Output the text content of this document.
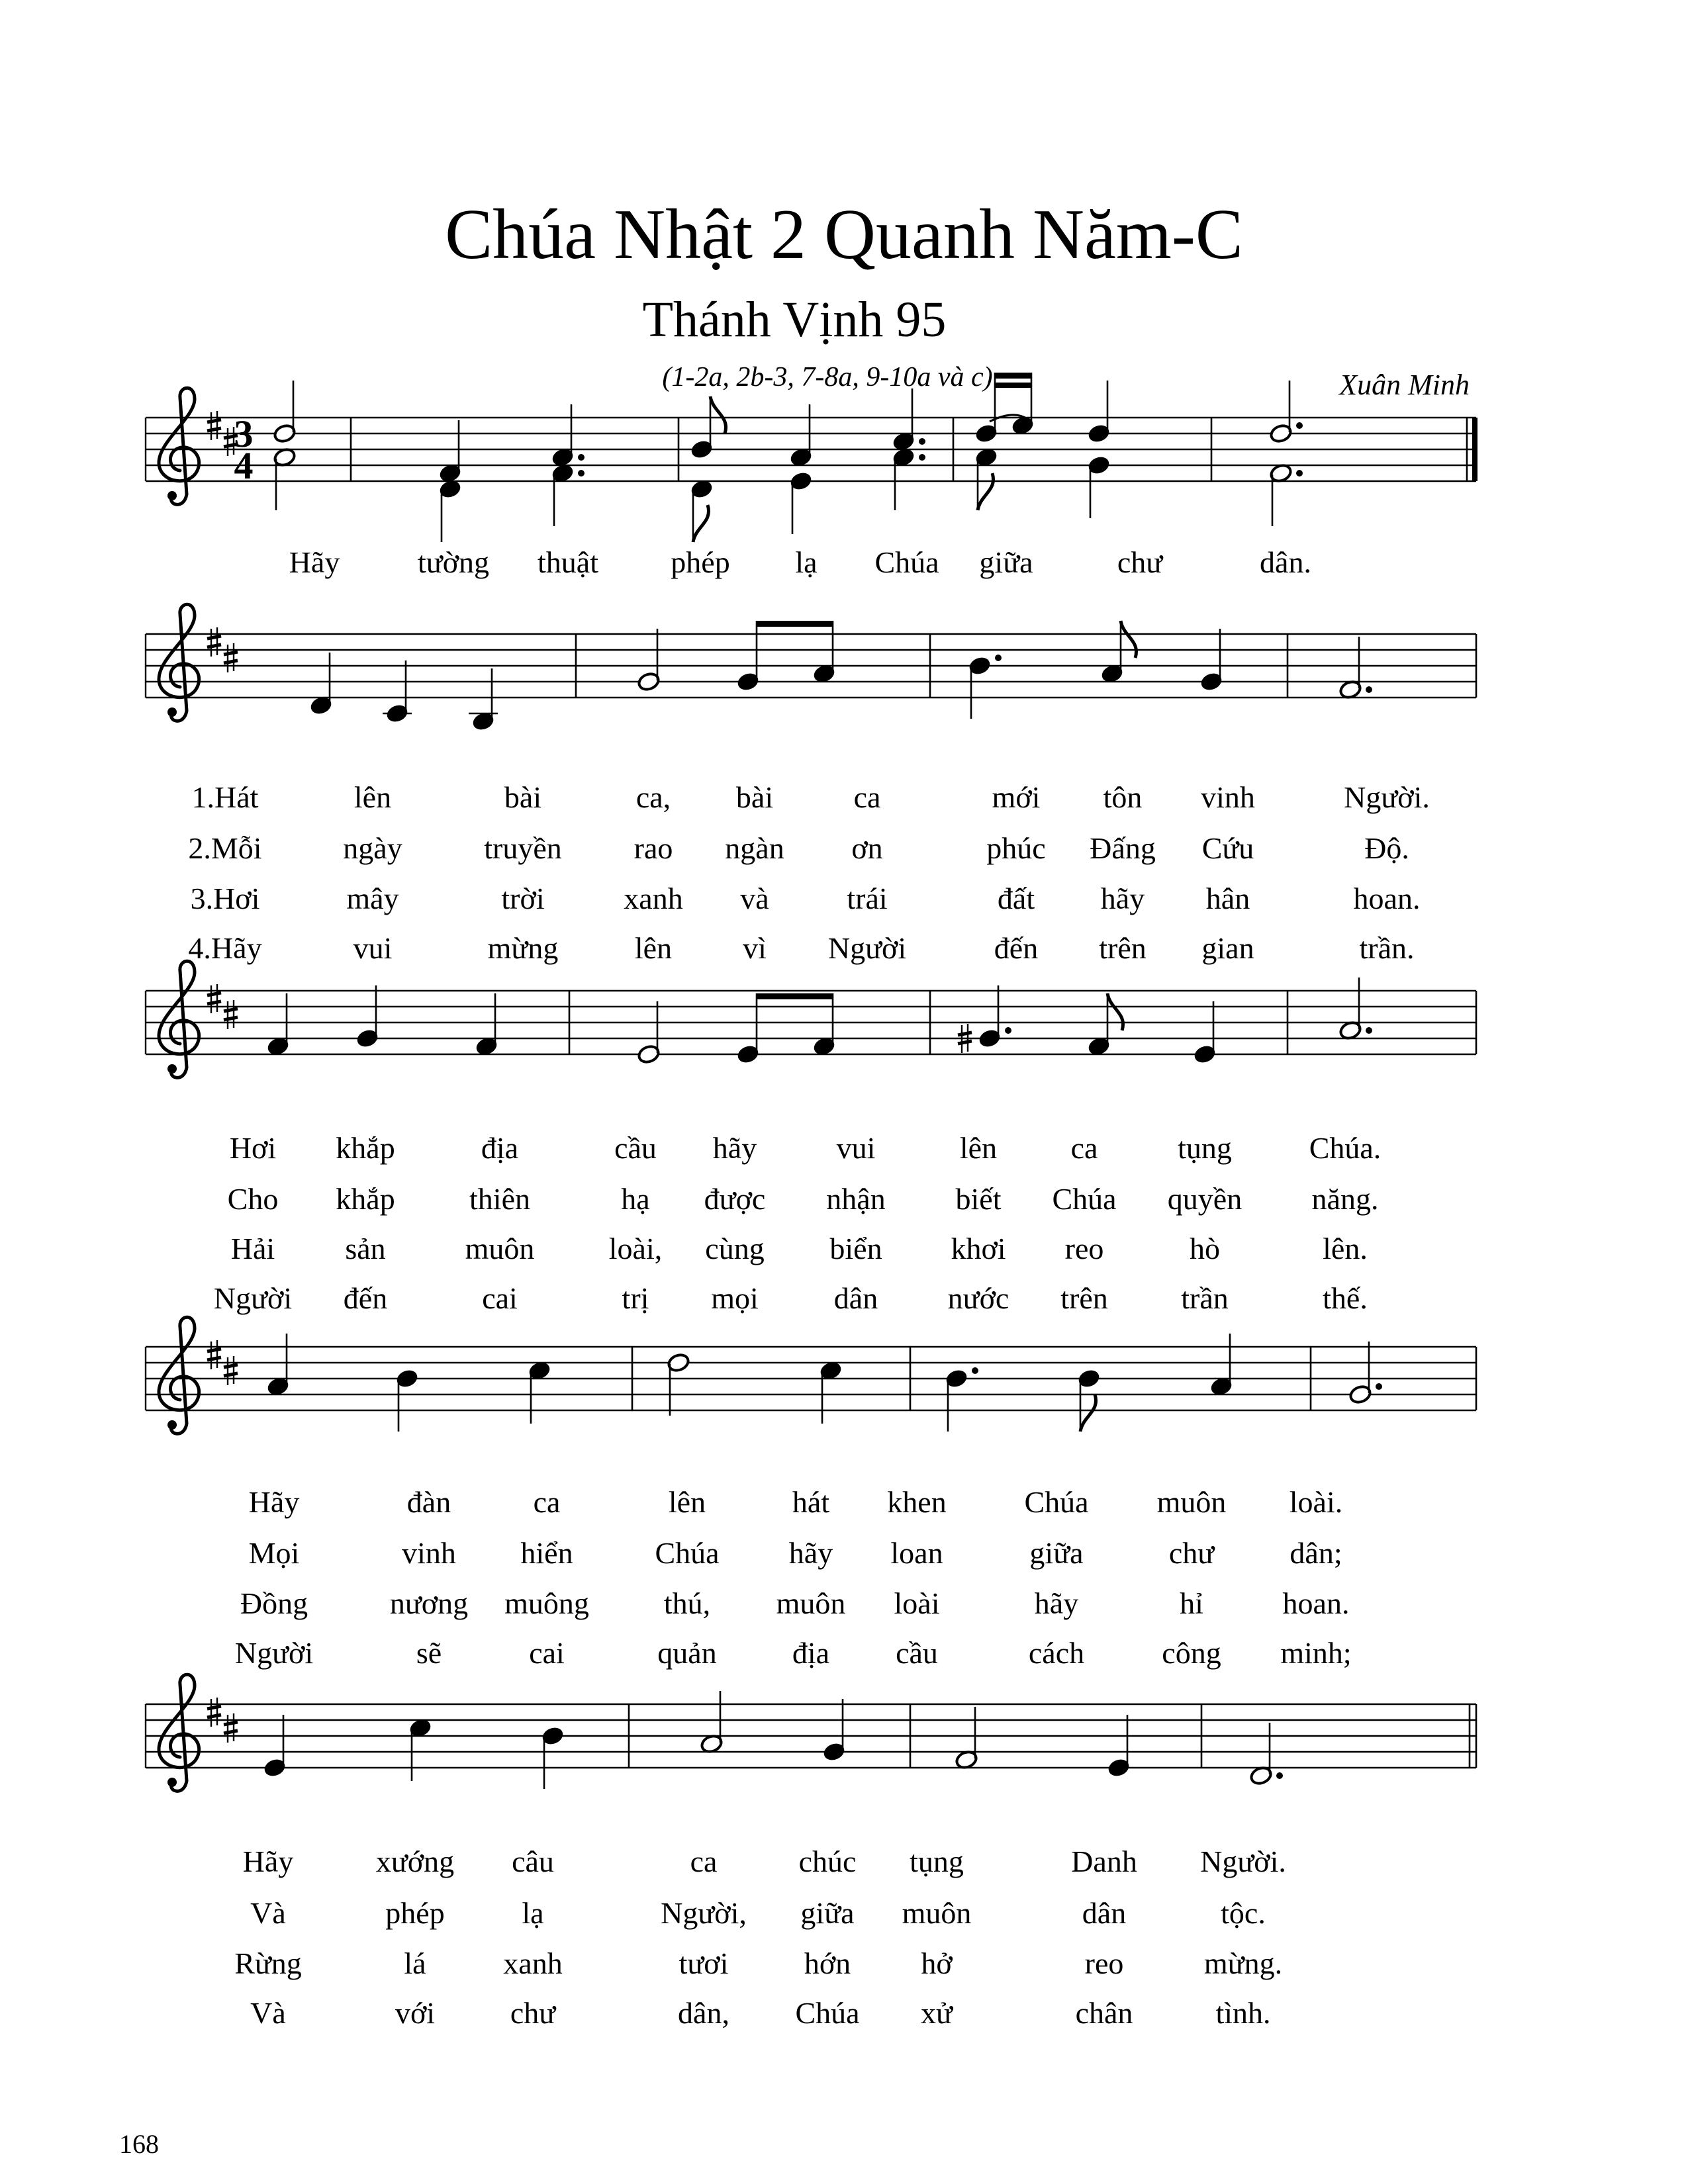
Chúa Nhật 2 Quanh Năm-C
Thánh Vịnh 95
(1-2a, 2b-3, 7-8a, 9-10a và c)	Xuân Minh
3
4
Hãy	tường thuật phép lạ Chúa giữa	chư	dân.
1.Hát	lên	bài	ca, bài	ca	mới tôn vinh	Người.
2.Mỗi	ngày	truyền rao ngàn ơn	phúc Đấng Cứu	Độ.
3.Hơi	mây	trời	xanh và	trái	đất hãy hân	hoan.
4.Hãy	vui	mừng	lên vì Người	đến trên gian	trần.
Hơi khắp	địa	cầu hãy	vui	lên ca	tụng	Chúa.
Cho khắp thiên	hạ được nhận biết Chúa quyền năng.
Hải sản	muôn loài, cùng biển khơi reo	hò	lên.
Người đến	cai	trị mọi dân nước trên trần	thế.
Hãy	đàn	ca	lên	hát khen	Chúa muôn loài.
Mọi	vinh hiển	Chúa hãy loan	giữa	chư dân;
Đồng	nương muông thú, muôn loài	hãy	hỉ	hoan.
Người	sẽ	cai	quản địa cầu	cách	công minh;
Hãy	xướng câu	ca	chúc tụng	Danh Người.
Và	phép	lạ	Người, giữa muôn	dân	tộc.
Rừng	lá	xanh	tươi hớn hở	reo	mừng.
Và	với chư	dân, Chúa xử	chân	tình.
168
